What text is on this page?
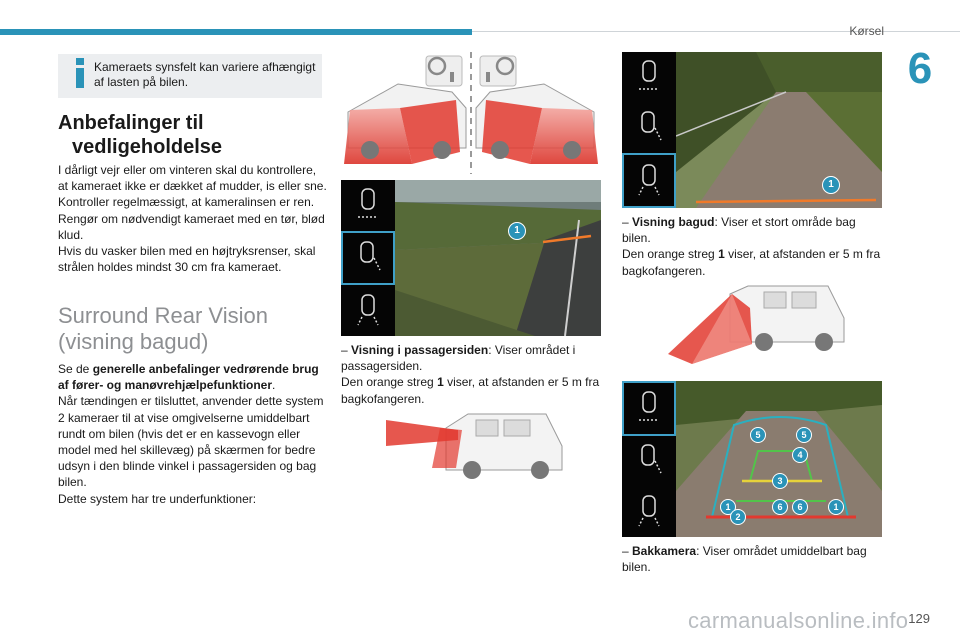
Kørsel
6
Kameraets synsfelt kan variere afhængigt af lasten på bilen.
Anbefalinger til
vedligeholdelse

I dårligt vejr eller om vinteren skal du kontrollere, at kameraet ikke er dækket af mudder, is eller sne.

Kontroller regelmæssigt, at kameralinsen er ren. Rengør om nødvendigt kameraet med en tør, blød klud.

Hvis du vasker bilen med en højtryksrenser, skal strålen holdes mindst 30 cm fra kameraet.

Surround Rear Vision
(visning bagud)

Se de generelle anbefalinger vedrørende brug af fører- og manøvrehjælpefunktioner.

Når tændingen er tilsluttet, anvender dette system 2 kameraer til at vise omgivelserne umiddelbart rundt om bilen (hvis det er en kassevogn eller model med hel skillevæg) på skærmen for bedre udsyn i den blinde vinkel i passagersiden og bag bilen.

Dette system har tre underfunktioner:

1

– Visning i passagersiden: Viser området i passagersiden.

Den orange streg 1 viser, at afstanden er 5 m fra bagkofangeren.

1

– Visning bagud: Viser et stort område bag bilen.

Den orange streg 1 viser, at afstanden er 5 m fra bagkofangeren.

5	5
4
3
1
2
6	6	1

– Bakkamera: Viser området umiddelbart bag bilen.

carmanualsonline.info 129
